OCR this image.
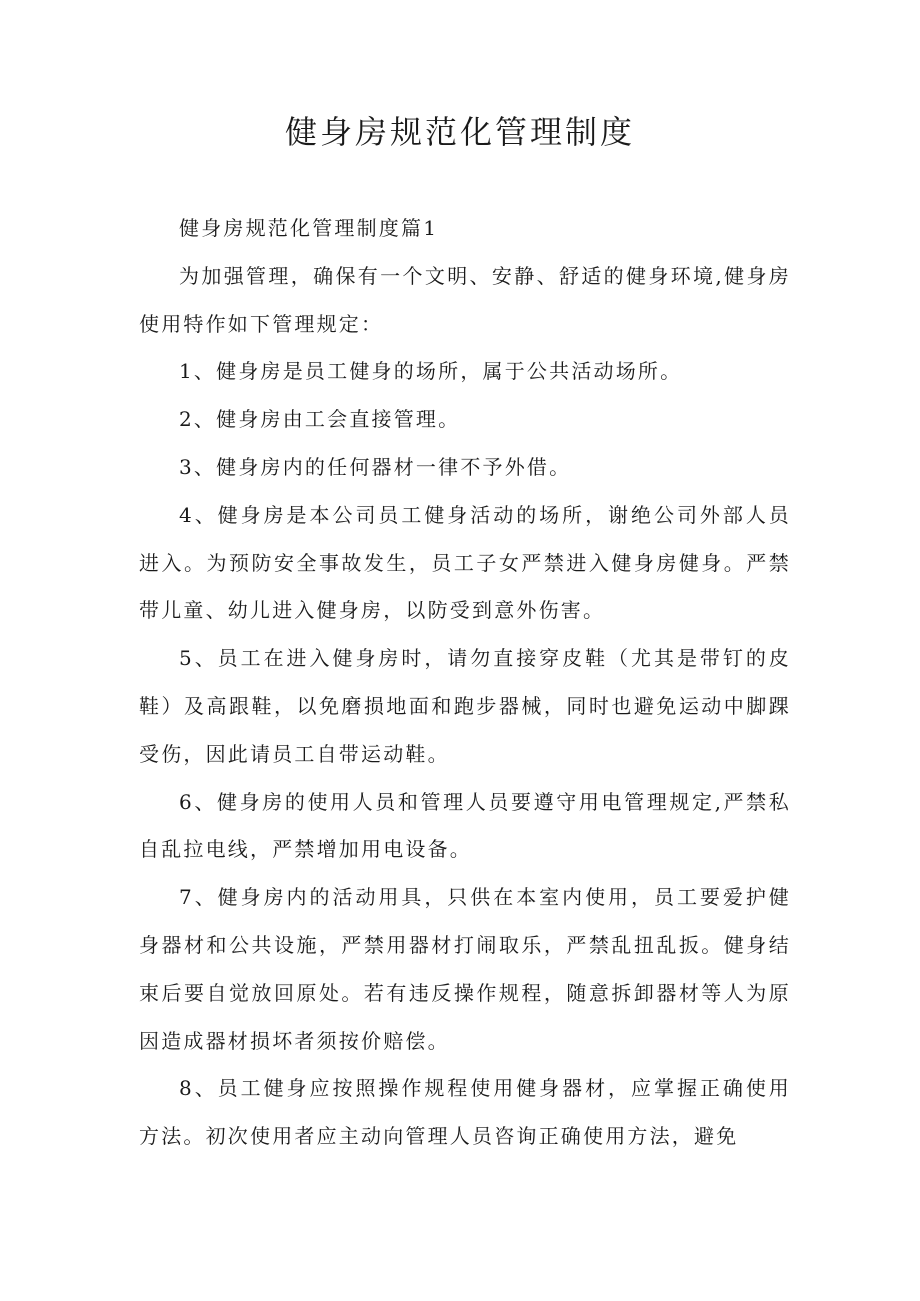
健身房规范化管理制度

健身房规范化管理制度篇1

为加强管理，确保有一个文明、安静、舒适的健身环境,健身房使用特作如下管理规定：

1、健身房是员工健身的场所，属于公共活动场所。

2、健身房由工会直接管理。

3、健身房内的任何器材一律不予外借。

4、健身房是本公司员工健身活动的场所，谢绝公司外部人员进入。为预防安全事故发生，员工子女严禁进入健身房健身。严禁带儿童、幼儿进入健身房，以防受到意外伤害。

5、员工在进入健身房时，请勿直接穿皮鞋（尤其是带钉的皮鞋）及高跟鞋，以免磨损地面和跑步器械，同时也避免运动中脚踝受伤，因此请员工自带运动鞋。

6、健身房的使用人员和管理人员要遵守用电管理规定,严禁私自乱拉电线，严禁增加用电设备。

7、健身房内的活动用具，只供在本室内使用，员工要爱护健身器材和公共设施，严禁用器材打闹取乐，严禁乱扭乱扳。健身结束后要自觉放回原处。若有违反操作规程，随意拆卸器材等人为原因造成器材损坏者须按价赔偿。

8、员工健身应按照操作规程使用健身器材，应掌握正确使用方法。初次使用者应主动向管理人员咨询正确使用方法，避免
